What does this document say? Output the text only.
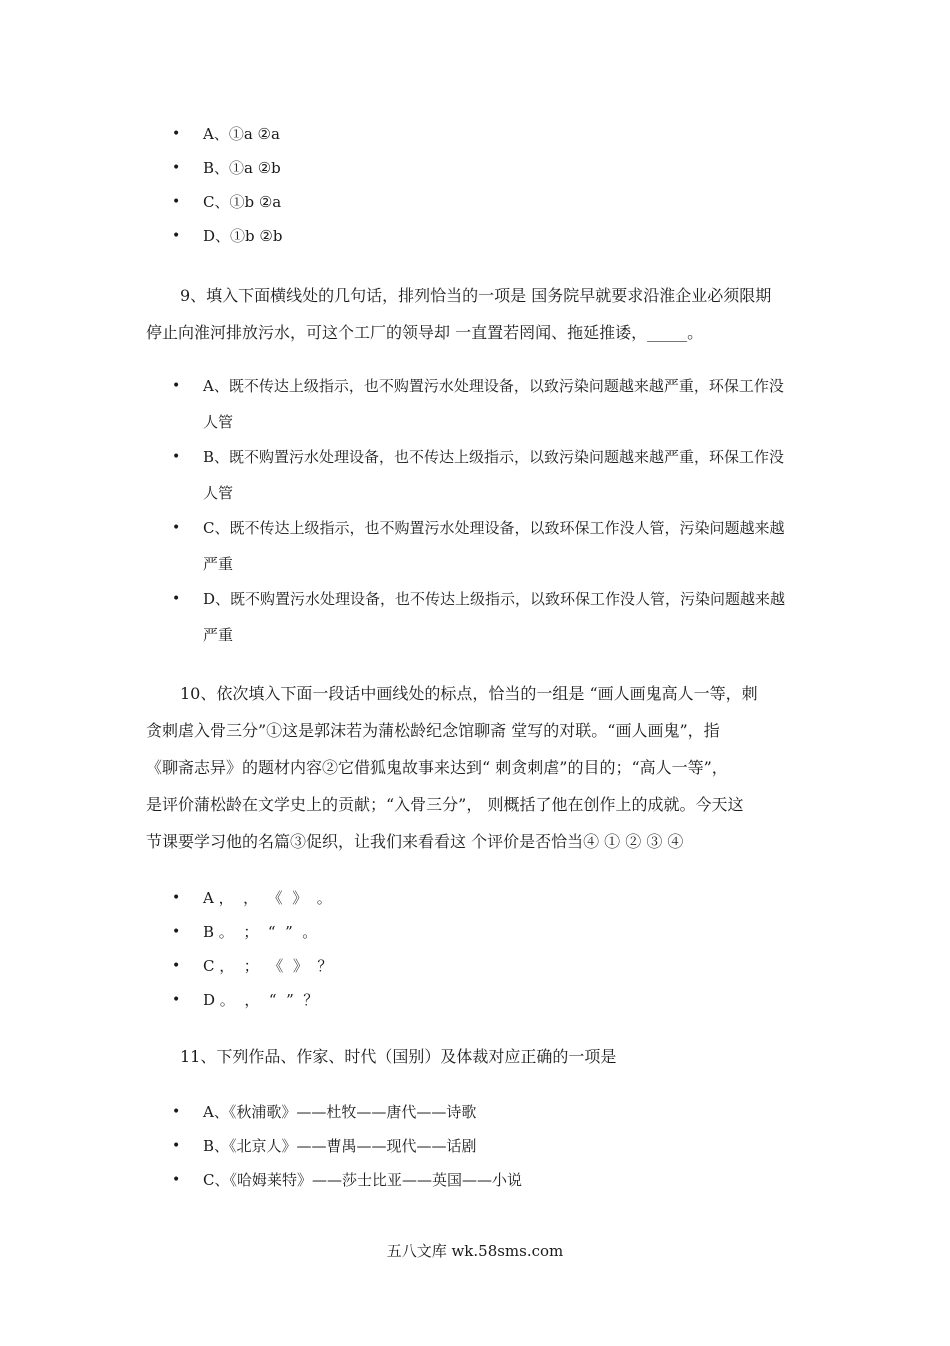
• A、①a ②a
• B、①a ②b
• C、①b ②a
• D、①b ②b
9、填入下面横线处的几句话，排列恰当的一项是 国务院早就要求沿淮企业必须限期
停止向淮河排放污水，可这个工厂的领导却 一直置若罔闻、拖延推诿，_____。
• A、既不传达上级指示，也不购置污水处理设备，以致污染问题越来越严重，环保工作没人管
• B、既不购置污水处理设备，也不传达上级指示，以致污染问题越来越严重，环保工作没人管
• C、既不传达上级指示，也不购置污水处理设备，以致环保工作没人管，污染问题越来越严重
• D、既不购置污水处理设备，也不传达上级指示，以致环保工作没人管，污染问题越来越严重
10、依次填入下面一段话中画线处的标点，恰当的一组是 “画人画鬼高人一等，刺
贪刺虐入骨三分”①这是郭沫若为蒲松龄纪念馆聊斋 堂写的对联。“画人画鬼”，指
《聊斋志异》的题材内容②它借狐鬼故事来达到“ 刺贪刺虐”的目的；“高人一等”，
是评价蒲松龄在文学史上的贡献；“入骨三分”， 则概括了他在创作上的成就。今天这
节课要学习他的名篇③促织，让我们来看看这 个评价是否恰当④ ① ② ③ ④
• A ，  ，  《  》  。
• B 。  ；  “  ”  。
• C ，  ；  《  》  ？
• D 。  ，  “  ”  ？
11、下列作品、作家、时代（国别）及体裁对应正确的一项是
• A、《秋浦歌》——杜牧——唐代——诗歌
• B、《北京人》——曹禺——现代——话剧
• C、《哈姆莱特》——莎士比亚——英国——小说
五八文库 wk.58sms.com
